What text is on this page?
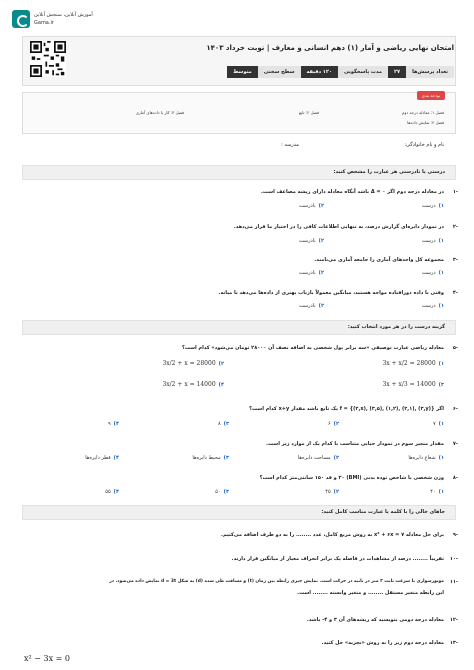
آموزش آنلاین، سنجش آنلاین
Gama.ir
امتحان نهایی ریاضی و آمار (۱) دهم انسانی و معارف | نوبت خرداد ۱۴۰۳
تعداد پرسش‌ها
۲۷
مدت پاسخگویی
۱۲۰ دقیقه
سطح سختی
متوسط
بودجه بندی
فصل ۱: معادله درجه دوم
فصل ۲: تابع
فصل ۳: کار با داده‌های آماری
فصل ۴: نمایش داده‌ها
نام و نام خانوادگی:
مدرسه :
درستی یا نادرستی هر عبارت را مشخص کنید:
۱-
در معادله درجه دوم اگر ۰ = Δ باشد آنگاه معادله دارای ریشه مضاعف است.
۱)درست
۲)نادرست
۲-
در نمودار دایره‌ای گزارش درصد، به تنهایی اطلاعات کافی را در اختیار ما قرار می‌دهد.
۱)درست
۲)نادرست
۳-
مجموعه کل واحدهای آماری را جامعه آماری می‌نامند.
۱)درست
۲)نادرست
۴-
وقتی با داده دورافتاده مواجه هستید، میانگین معمولاً بازتاب بهتری از داده‌ها می‌دهد تا میانه.
۱)درست
۲)نادرست
گزینه درست را در هر مورد انتخاب کنید:
۵-
معادله ریاضی عبارت توصیفی «سه برابر پول شخصی به اضافه نصف آن ۲۸۰۰۰ تومان می‌شود» کدام است؟
۱)3x + x/2 = 28000
۲)3x/2 + x = 28000
۳)3x + x/3 = 14000
۴)3x/2 + x = 14000
۶-
اگر f = {(۲,x), (۳,۵), (۱,۲), (۲,۱), (۳,y)} یک تابع باشد مقدار x+y کدام است؟
۱)۷
۲)۶
۳)۸
۴)۹
۷-
مقدار متغیر سوم در نمودار حبابی متناسب با کدام یک از موارد زیر است.
۱)شعاع دایره‌ها
۲)مساحت دایره‌ها
۳)محیط دایره‌ها
۴)قطر دایره‌ها
۸-
وزن شخصی با شاخص توده بدنی (BMI) ۲۰ و قد ۱۵۰ سانتی‌متر کدام است؟
۱)۴۰
۲)۴۵
۳)۵۰
۴)۵۵
جاهای خالی را با کلمه یا عبارت مناسب کامل کنید:
۹-
برای حل معادله ۷ = x² + ۶x به روش مربع کامل، عدد ........ را به دو طرف اضافه می‌کنیم.
۱۰-
تقریباً ........ درصد از مشاهدات در فاصله یک برابر انحراف معیار از میانگین قرار دارند.
۱۱-
موتورسواری با سرعت ثابت ۳ متر در ثانیه در حرکت است. نمایش جبری رابطه بین زمان (t) و مسافت طی شده (d) به شکل d = 3t نمایش داده می‌شود. در
این رابطه متغیر مستقل ........ و متغیر وابسته ........ است.
۱۲-
معادله درجه دومی بنویسید که ریشه‌های آن ۳ و ۴- باشد.
۱۳-
معادله درجه دوم زیر را به روش «تجزیه» حل کنید.
x² − 3x = 0
